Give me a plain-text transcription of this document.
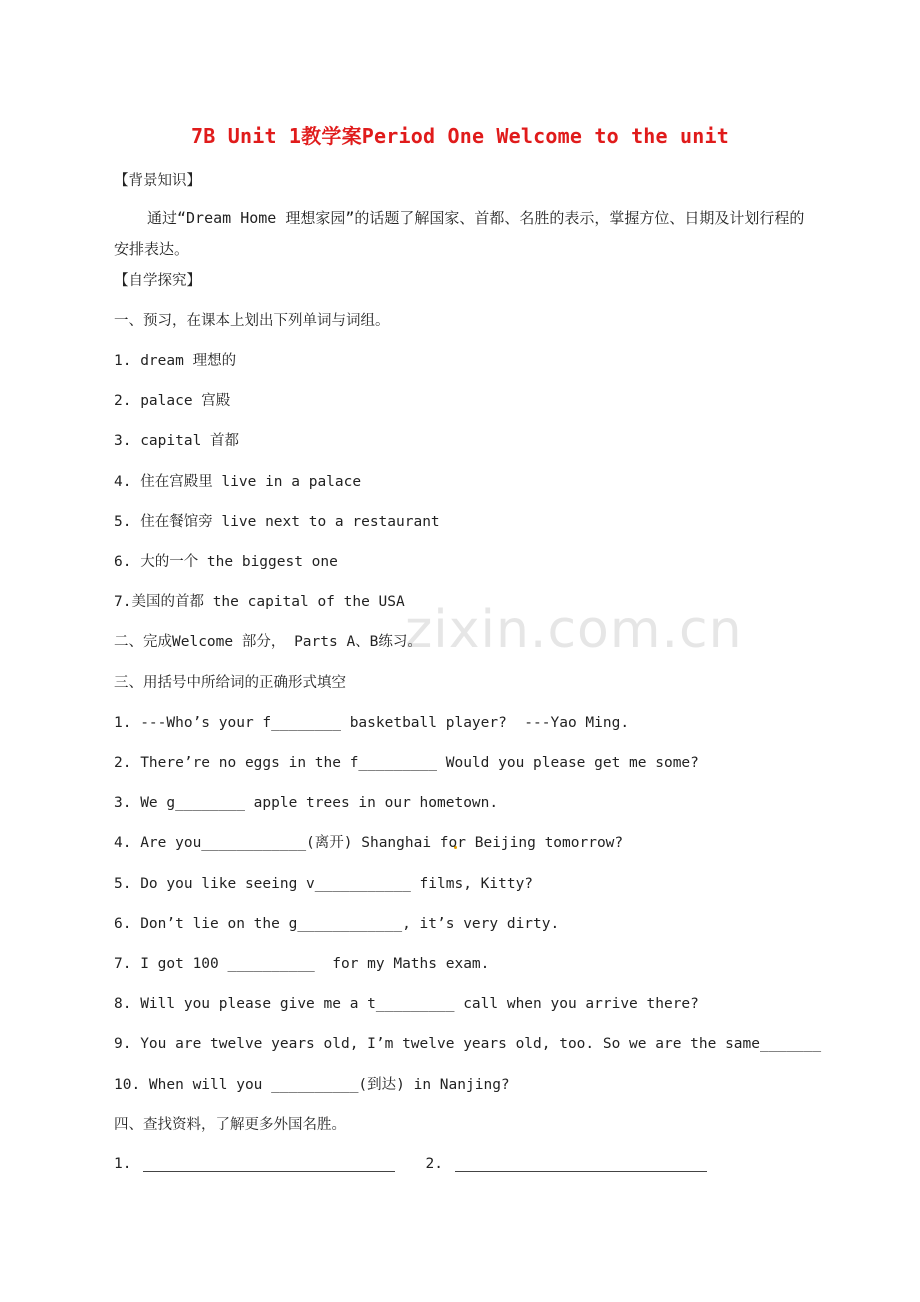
zixin.com.cn
7B Unit 1教学案Period One Welcome to the unit
【背景知识】
通过“Dream Home 理想家园”的话题了解国家、首都、名胜的表示，掌握方位、日期及计划行程的安排表达。
【自学探究】
一、预习，在课本上划出下列单词与词组。
1. dream 理想的
2. palace 宫殿
3. capital 首都
4. 住在宫殿里 live in a palace
5. 住在餐馆旁 live next to a restaurant
6. 大的一个 the biggest one
7.美国的首都 the capital of the USA
二、完成Welcome 部分， Parts A、B练习。
三、用括号中所给词的正确形式填空
1. ---Who’s your f________ basketball player?  ---Yao Ming.
2. There’re no eggs in the f_________ Would you please get me some?
3. We g________ apple trees in our hometown.
4. Are you____________(离开) Shanghai for Beijing tomorrow?
5. Do you like seeing v___________ films, Kitty?
6. Don’t lie on the g____________, it’s very dirty.
7. I got 100 __________  for my Maths exam.
8. Will you please give me a t_________ call when you arrive there?
9. You are twelve years old, I’m twelve years old, too. So we are the same_______
10. When will you __________(到达) in Nanjing?
四、查找资料，了解更多外国名胜。
1.	2.
